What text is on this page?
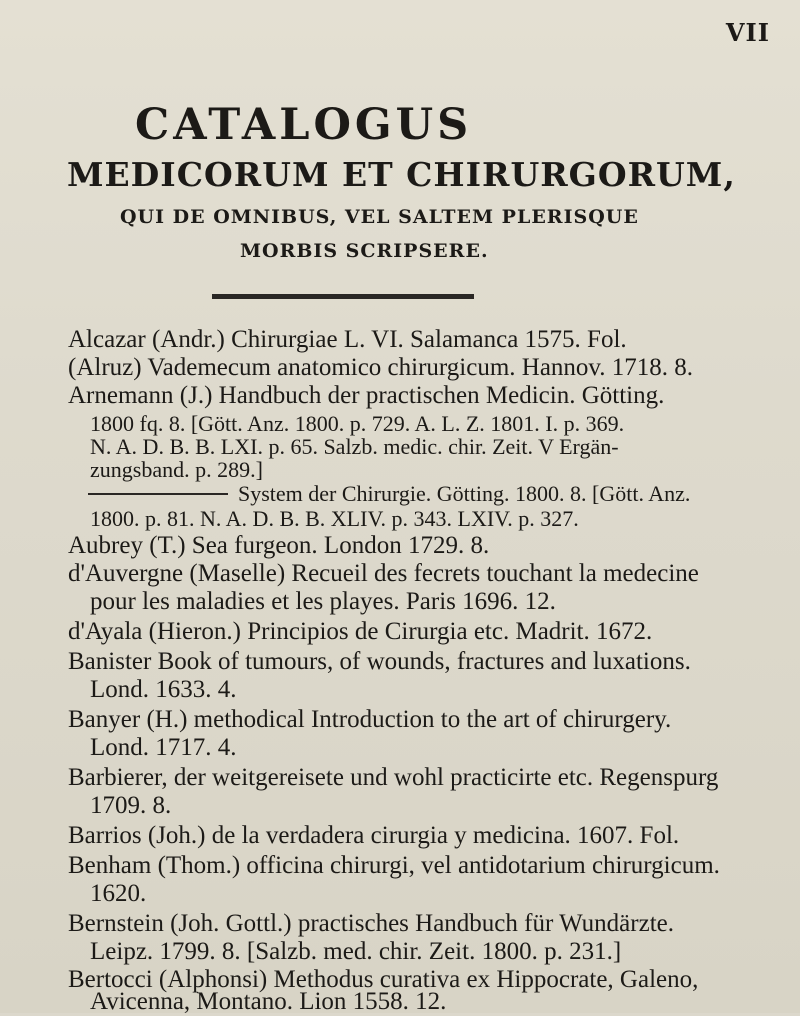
VII
CATALOGUS
MEDICORUM ET CHIRURGORUM,
QUI DE OMNIBUS, VEL SALTEM PLERISQUE
MORBIS SCRIPSERE.
Alcazar (Andr.) Chirurgiae L. VI. Salamanca 1575. Fol.
(Alruz) Vademecum anatomico chirurgicum. Hannov. 1718. 8.
Arnemann (J.) Handbuch der practischen Medicin. Götting.
1800 fq. 8. [Gött. Anz. 1800. p. 729. A. L. Z. 1801. I. p. 369.
N. A. D. B. B. LXI. p. 65. Salzb. medic. chir. Zeit. V Ergän-
zungsband. p. 289.]
System der Chirurgie. Götting. 1800. 8. [Gött. Anz.
1800. p. 81. N. A. D. B. B. XLIV. p. 343. LXIV. p. 327.
Aubrey (T.) Sea furgeon. London 1729. 8.
d'Auvergne (Maselle) Recueil des fecrets touchant la medecine
pour les maladies et les playes. Paris 1696. 12.
d'Ayala (Hieron.) Principios de Cirurgia etc. Madrit. 1672.
Banister Book of tumours, of wounds, fractures and luxations.
Lond. 1633. 4.
Banyer (H.) methodical Introduction to the art of chirurgery.
Lond. 1717. 4.
Barbierer, der weitgereisete und wohl practicirte etc. Regenspurg
1709. 8.
Barrios (Joh.) de la verdadera cirurgia y medicina. 1607. Fol.
Benham (Thom.) officina chirurgi, vel antidotarium chirurgicum.
1620.
Bernstein (Joh. Gottl.) practisches Handbuch für Wundärzte.
Leipz. 1799. 8. [Salzb. med. chir. Zeit. 1800. p. 231.]
Bertocci (Alphonsi) Methodus curativa ex Hippocrate, Galeno,
Avicenna, Montano. Lion 1558. 12.
